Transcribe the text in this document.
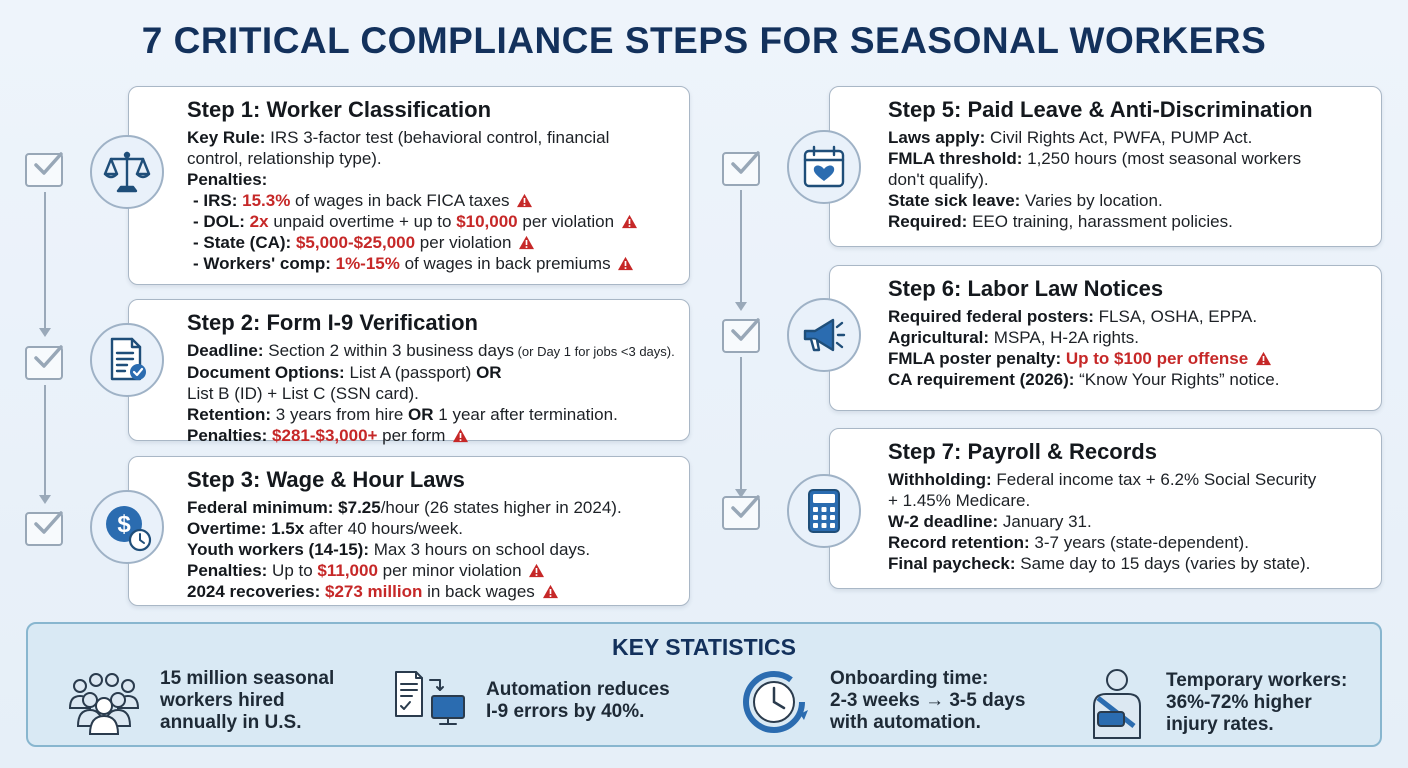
7 CRITICAL COMPLIANCE STEPS FOR SEASONAL WORKERS
Step 1: Worker Classification
Key Rule: IRS 3-factor test (behavioral control, financial
control, relationship type).
Penalties:
- IRS: 15.3% of wages in back FICA taxes
- DOL: 2x unpaid overtime + up to $10,000 per violation
- State (CA): $5,000-$25,000 per violation
- Workers' comp: 1%-15% of wages in back premiums
Step 2: Form I-9 Verification
Deadline: Section 2 within 3 business days (or Day 1 for jobs <3 days).
Document Options: List A (passport) OR
List B (ID) + List C (SSN card).
Retention: 3 years from hire OR 1 year after termination.
Penalties: $281-$3,000+ per form
Step 3: Wage & Hour Laws
Federal minimum: $7.25/hour (26 states higher in 2024).
Overtime: 1.5x after 40 hours/week.
Youth workers (14-15): Max 3 hours on school days.
Penalties: Up to $11,000 per minor violation
2024 recoveries: $273 million in back wages
$
Step 5: Paid Leave & Anti-Discrimination
Laws apply: Civil Rights Act, PWFA, PUMP Act.
FMLA threshold: 1,250 hours (most seasonal workers
don't qualify).
State sick leave: Varies by location.
Required: EEO training, harassment policies.
Step 6: Labor Law Notices
Required federal posters: FLSA, OSHA, EPPA.
Agricultural: MSPA, H-2A rights.
FMLA poster penalty: Up to $100 per offense
CA requirement (2026): “Know Your Rights” notice.
Step 7: Payroll & Records
Withholding: Federal income tax + 6.2% Social Security
+ 1.45% Medicare.
W-2 deadline: January 31.
Record retention: 3-7 years (state-dependent).
Final paycheck: Same day to 15 days (varies by state).
KEY STATISTICS
15 million seasonal
workers hired
annually in U.S.
Automation reduces
I-9 errors by 40%.
Onboarding time:
2-3 weeks → 3-5 days
with automation.
Temporary workers:
36%-72% higher
injury rates.
